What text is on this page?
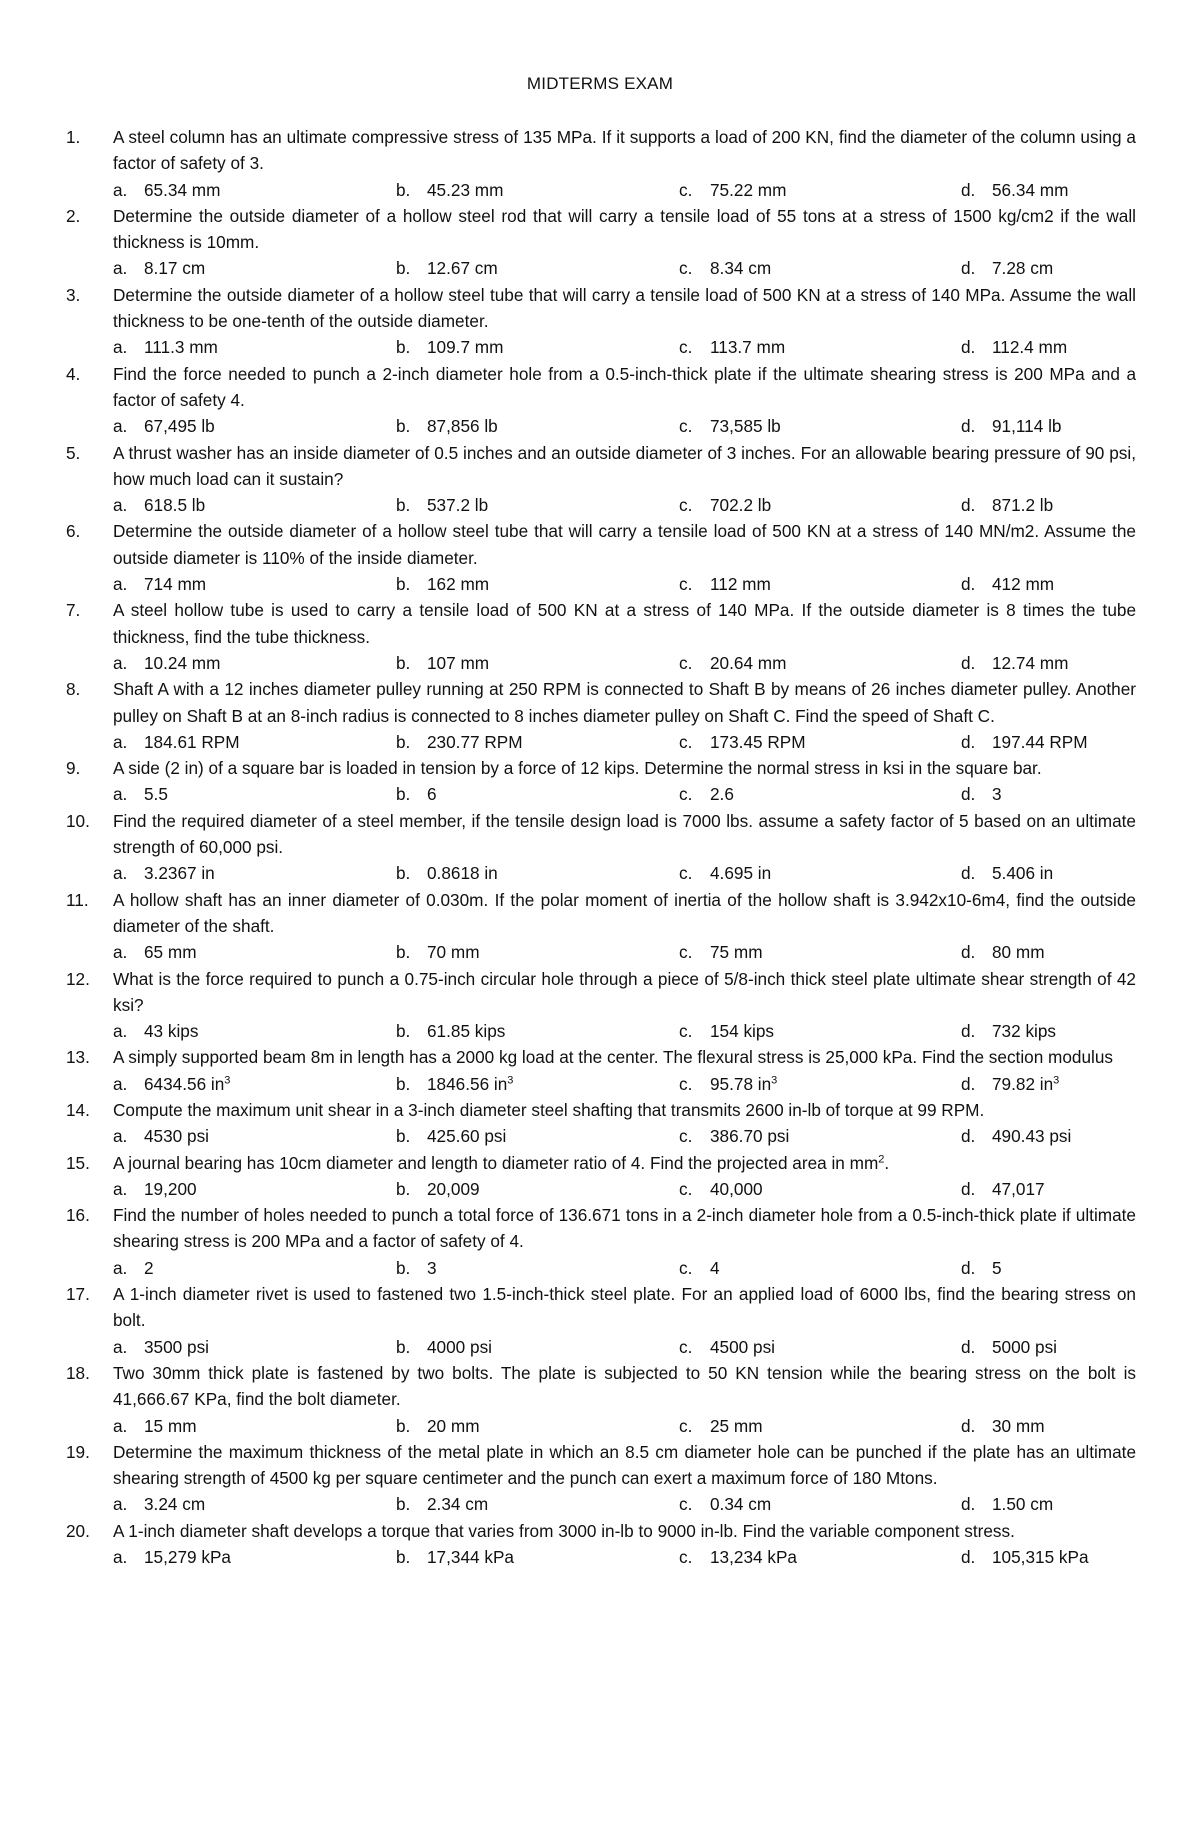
MIDTERMS EXAM
1.	A steel column has an ultimate compressive stress of 135 MPa. If it supports a load of 200 KN, find the diameter of the column using a factor of safety of 3.
a. 65.34 mm	b. 45.23 mm	c.	75.22 mm	d. 56.34 mm
2.	Determine the outside diameter of a hollow steel rod that will carry a tensile load of 55 tons at a stress of 1500 kg/cm2 if the wall thickness is 10mm.
a. 8.17 cm	b. 12.67 cm	c.	8.34 cm	d. 7.28 cm
3.	Determine the outside diameter of a hollow steel tube that will carry a tensile load of 500 KN at a stress of 140 MPa. Assume the wall thickness to be one-tenth of the outside diameter.
a. 111.3 mm	b. 109.7 mm	c.	113.7 mm	d. 112.4 mm
4.	Find the force needed to punch a 2-inch diameter hole from a 0.5-inch-thick plate if the ultimate shearing stress is 200 MPa and a factor of safety 4.
a. 67,495 lb	b. 87,856 lb	c.	73,585 lb	d. 91,114 lb
5.	A thrust washer has an inside diameter of 0.5 inches and an outside diameter of 3 inches. For an allowable bearing pressure of 90 psi, how much load can it sustain?
a. 618.5 lb	b. 537.2 lb	c.	702.2 lb	d. 871.2 lb
6.	Determine the outside diameter of a hollow steel tube that will carry a tensile load of 500 KN at a stress of 140 MN/m2. Assume the outside diameter is 110% of the inside diameter.
a. 714 mm	b. 162 mm	c.	112 mm	d. 412 mm
7.	A steel hollow tube is used to carry a tensile load of 500 KN at a stress of 140 MPa. If the outside diameter is 8 times the tube thickness, find the tube thickness.
a. 10.24 mm	b. 107 mm	c.	20.64 mm	d. 12.74 mm
8.	Shaft A with a 12 inches diameter pulley running at 250 RPM is connected to Shaft B by means of 26 inches diameter pulley. Another pulley on Shaft B at an 8-inch radius is connected to 8 inches diameter pulley on Shaft C. Find the speed of Shaft C.
a. 184.61 RPM	b. 230.77 RPM	c.	173.45 RPM	d. 197.44 RPM
9.	A side (2 in) of a square bar is loaded in tension by a force of 12 kips. Determine the normal stress in ksi in the square bar.
a. 5.5	b. 6	c.	2.6	d. 3
10.	Find the required diameter of a steel member, if the tensile design load is 7000 lbs. assume a safety factor of 5 based on an ultimate strength of 60,000 psi.
a. 3.2367 in	b. 0.8618 in	c.	4.695 in	d. 5.406 in
11.	A hollow shaft has an inner diameter of 0.030m. If the polar moment of inertia of the hollow shaft is 3.942x10-6m4, find the outside diameter of the shaft.
a. 65 mm	b. 70 mm	c.	75 mm	d. 80 mm
12.	What is the force required to punch a 0.75-inch circular hole through a piece of 5/8-inch thick steel plate ultimate shear strength of 42 ksi?
a. 43 kips	b. 61.85 kips	c.	154 kips	d. 732 kips
13.	A simply supported beam 8m in length has a 2000 kg load at the center. The flexural stress is 25,000 kPa. Find the section modulus
a. 6434.56 $in^3$	b. 1846.56 $in^3$	c.	95.78 $in^3$	d. 79.82 $in^3$
14.	Compute the maximum unit shear in a 3-inch diameter steel shafting that transmits 2600 in-lb of torque at 99 RPM.
a. 4530 psi	b. 425.60 psi	c.	386.70 psi	d. 490.43 psi
15.	A journal bearing has 10cm diameter and length to diameter ratio of 4. Find the projected area in $mm^2$.
a. 19,200	b. 20,009	c.	40,000	d. 47,017
16.	Find the number of holes needed to punch a total force of 136.671 tons in a 2-inch diameter hole from a 0.5-inch-thick plate if ultimate shearing stress is 200 MPa and a factor of safety of 4.
a. 2	b. 3	c.	4	d. 5
17.	A 1-inch diameter rivet is used to fastened two 1.5-inch-thick steel plate. For an applied load of 6000 lbs, find the bearing stress on bolt.
a. 3500 psi	b. 4000 psi	c.	4500 psi	d. 5000 psi
18.	Two 30mm thick plate is fastened by two bolts. The plate is subjected to 50 KN tension while the bearing stress on the bolt is 41,666.67 KPa, find the bolt diameter.
a. 15 mm	b. 20 mm	c.	25 mm	d. 30 mm
19.	Determine the maximum thickness of the metal plate in which an 8.5 cm diameter hole can be punched if the plate has an ultimate shearing strength of 4500 kg per square centimeter and the punch can exert a maximum force of 180 Mtons.
a. 3.24 cm	b. 2.34 cm	c.	0.34 cm	d. 1.50 cm
20.	A 1-inch diameter shaft develops a torque that varies from 3000 in-lb to 9000 in-lb. Find the variable component stress.
a. 15,279 kPa	b. 17,344 kPa	c.	13,234 kPa	d. 105,315 kPa
